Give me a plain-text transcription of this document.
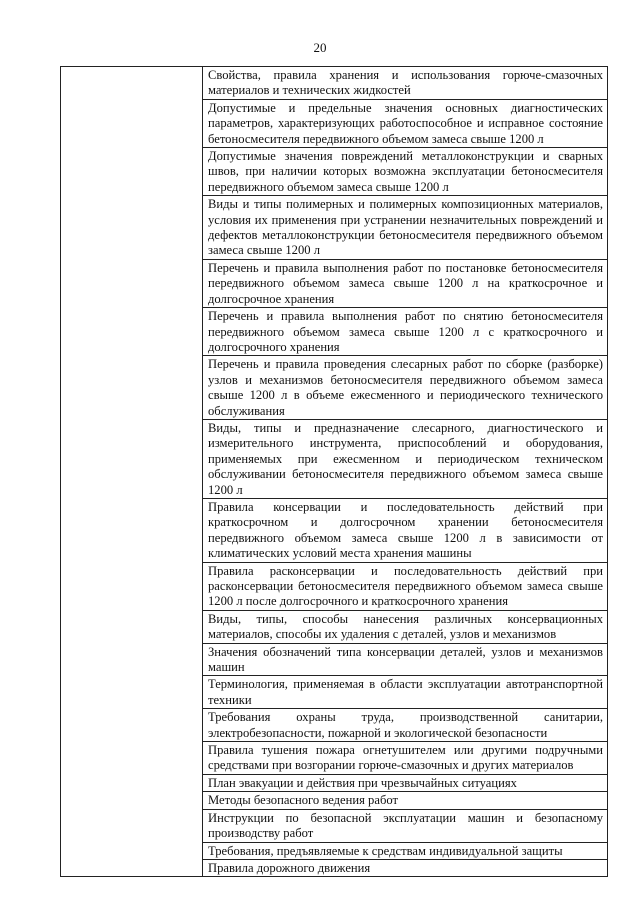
20

Свойства, правила хранения и использования горюче-смазочных материалов и технических жидкостей
Допустимые и предельные значения основных диагностических параметров, характеризующих работоспособное и исправное состояние бетоносмесителя передвижного объемом замеса свыше 1200 л
Допустимые значения повреждений металлоконструкции и сварных швов, при наличии которых возможна эксплуатации бетоносмесителя передвижного объемом замеса свыше 1200 л
Виды и типы полимерных и полимерных композиционных материалов, условия их применения при устранении незначительных повреждений и дефектов металлоконструкции бетоносмесителя передвижного объемом замеса свыше 1200 л
Перечень и правила выполнения работ по постановке бетоносмесителя передвижного объемом замеса свыше 1200 л на краткосрочное и долгосрочное хранения
Перечень и правила выполнения работ по снятию бетоносмесителя передвижного объемом замеса свыше 1200 л с краткосрочного и долгосрочного хранения
Перечень и правила проведения слесарных работ по сборке (разборке) узлов и механизмов бетоносмесителя передвижного объемом замеса свыше 1200 л в объеме ежесменного и периодического технического обслуживания
Виды, типы и предназначение слесарного, диагностического и измерительного инструмента, приспособлений и оборудования, применяемых при ежесменном и периодическом техническом обслуживании бетоносмесителя передвижного объемом замеса свыше 1200 л
Правила консервации и последовательность действий при краткосрочном и долгосрочном хранении бетоносмесителя передвижного объемом замеса свыше 1200 л в зависимости от климатических условий места хранения машины
Правила расконсервации и последовательность действий при расконсервации бетоносмесителя передвижного объемом замеса свыше 1200 л после долгосрочного и краткосрочного хранения
Виды, типы, способы нанесения различных консервационных материалов, способы их удаления с деталей, узлов и механизмов
Значения обозначений типа консервации деталей, узлов и механизмов машин
Терминология, применяемая в области эксплуатации автотранспортной техники
Требования охраны труда, производственной санитарии, электробезопасности, пожарной и экологической безопасности
Правила тушения пожара огнетушителем или другими подручными средствами при возгорании горюче-смазочных и других материалов
План эвакуации и действия при чрезвычайных ситуациях
Методы безопасного ведения работ
Инструкции по безопасной эксплуатации машин и безопасному производству работ
Требования, предъявляемые к средствам индивидуальной защиты
Правила дорожного движения
